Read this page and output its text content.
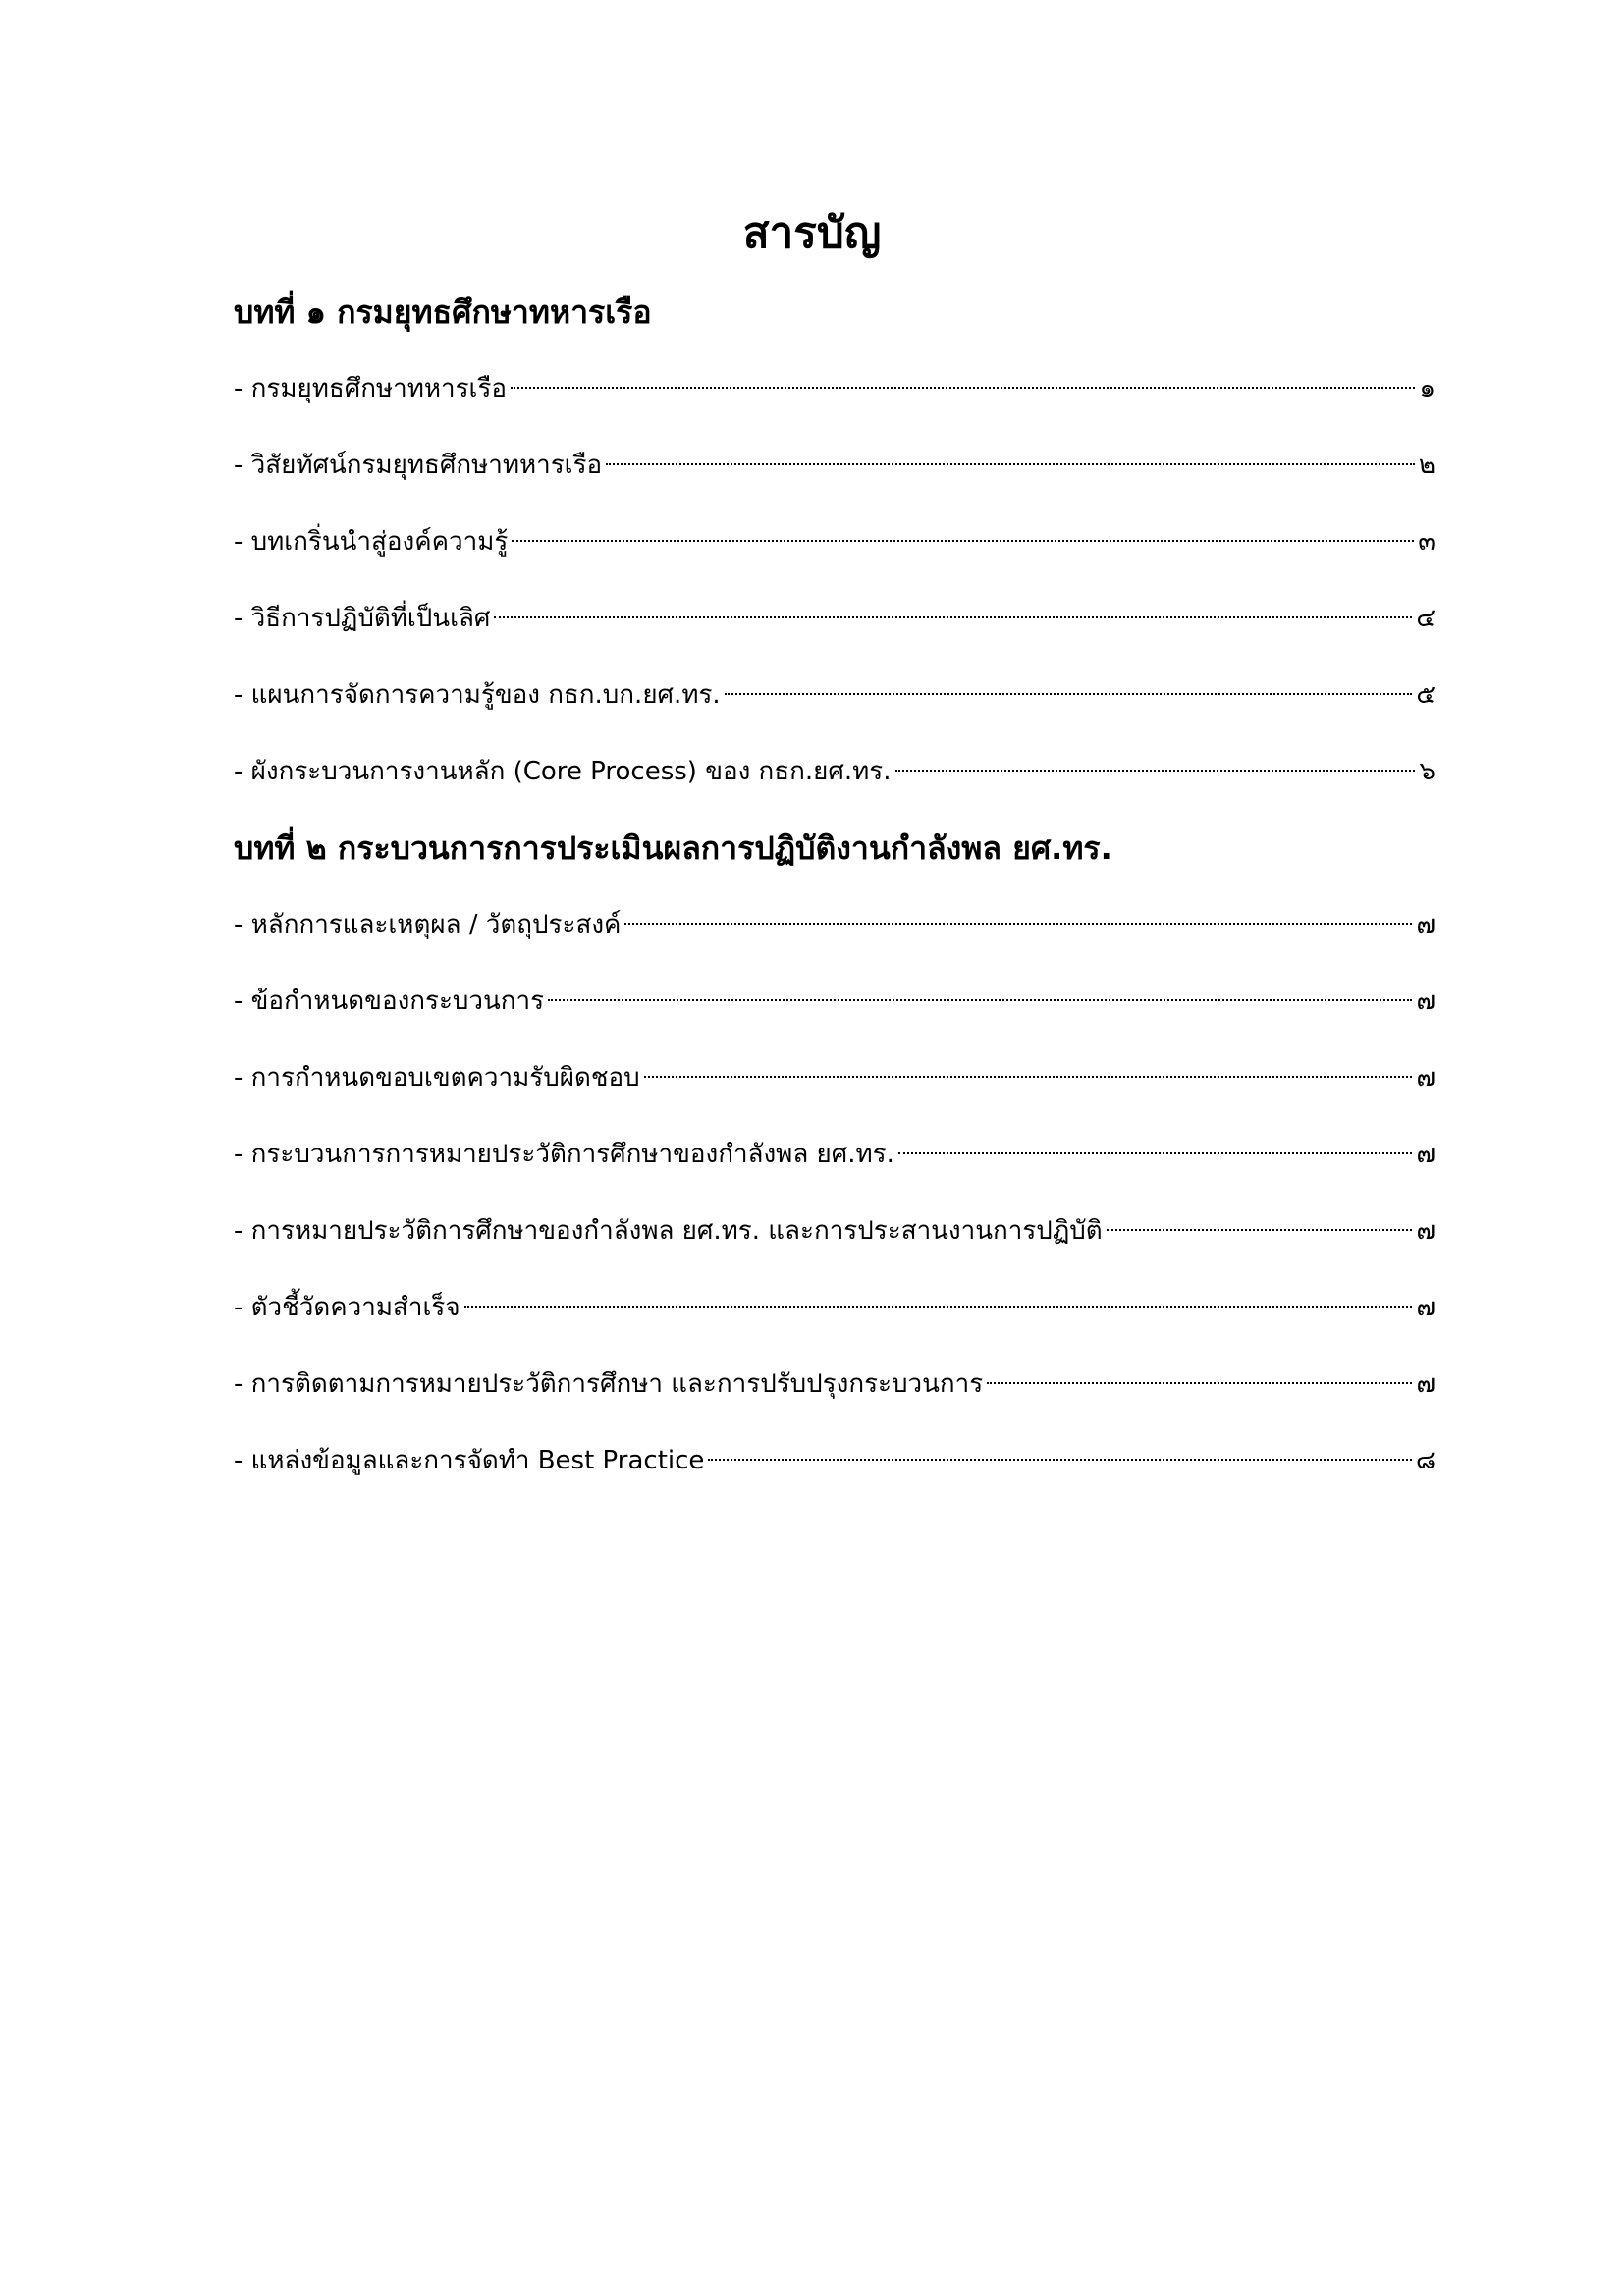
สารบัญ
บทที่ ๑ กรมยุทธศึกษาทหารเรือ
- กรมยุทธศึกษาทหารเรือ	๑
- วิสัยทัศน์กรมยุทธศึกษาทหารเรือ	๒
- บทเกริ่นนำสู่องค์ความรู้	๓
- วิธีการปฏิบัติที่เป็นเลิศ	๔
- แผนการจัดการความรู้ของ กธก.บก.ยศ.ทร.	๕
- ผังกระบวนการงานหลัก (Core Process) ของ กธก.ยศ.ทร.	๖
บทที่ ๒ กระบวนการการประเมินผลการปฏิบัติงานกำลังพล ยศ.ทร.
- หลักการและเหตุผล / วัตถุประสงค์	๗
- ข้อกำหนดของกระบวนการ	๗
- การกำหนดขอบเขตความรับผิดชอบ	๗
- กระบวนการการหมายประวัติการศึกษาของกำลังพล ยศ.ทร.	๗
- การหมายประวัติการศึกษาของกำลังพล ยศ.ทร. และการประสานงานการปฏิบัติ	๗
- ตัวชี้วัดความสำเร็จ	๗
- การติดตามการหมายประวัติการศึกษา และการปรับปรุงกระบวนการ	๗
- แหล่งข้อมูลและการจัดทำ Best Practice	๘
